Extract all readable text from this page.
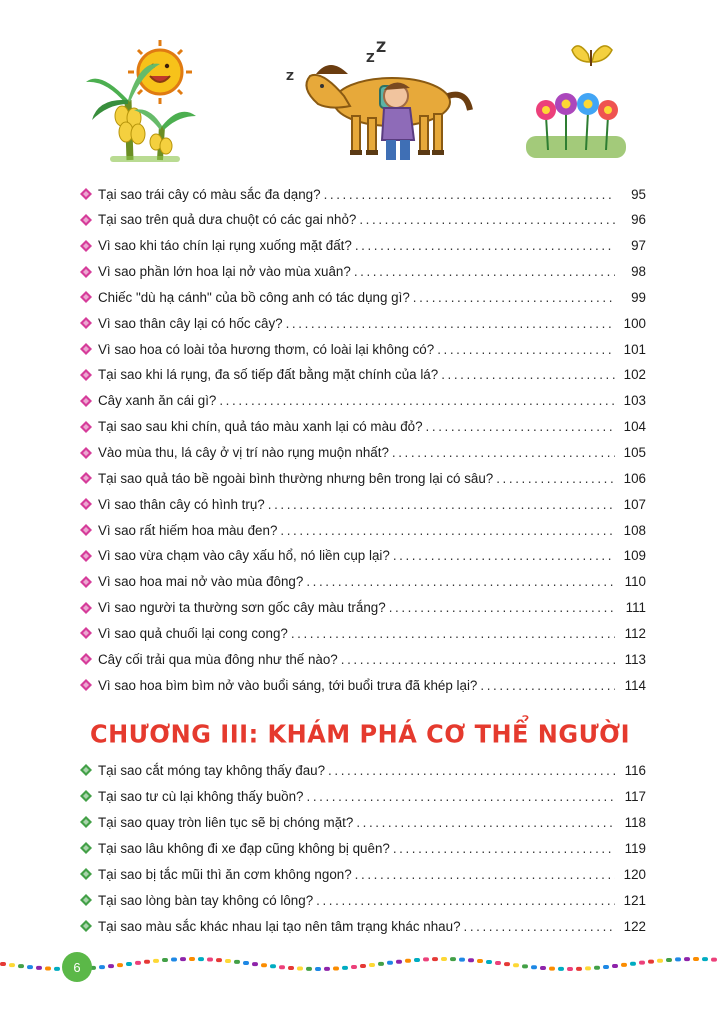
Z
Z
Z
Tại sao trái cây có màu sắc đa dạng? .....	95
Tại sao trên quả dưa chuột có các gai nhỏ? .....	96
Vì sao khi táo chín lại rụng xuống mặt đất? .....	97
Vì sao phần lớn hoa lại nở vào mùa xuân? .....	98
Chiếc "dù hạ cánh" của bồ công anh có tác dụng gì? .....	99
Vì sao thân cây lại có hốc cây? .....	100
Vì sao hoa có loài tỏa hương thơm, có loài lại không có? .....	101
Tại sao khi lá rụng, đa số tiếp đất bằng mặt chính của lá? .....	102
Cây xanh ăn cái gì? .....	103
Tại sao sau khi chín, quả táo màu xanh lại có màu đỏ? .....	104
Vào mùa thu, lá cây ở vị trí nào rụng muộn nhất? .....	105
Tại sao quả táo bề ngoài bình thường nhưng bên trong lại có sâu? .....	106
Vì sao thân cây có hình trụ? .....	107
Vì sao rất hiếm hoa màu đen? .....	108
Vì sao vừa chạm vào cây xấu hổ, nó liền cụp lại? .....	109
Vì sao hoa mai nở vào mùa đông? .....	110
Vì sao người ta thường sơn gốc cây màu trắng? .....	111
Vì sao quả chuối lại cong cong? .....	112
Cây cối trải qua mùa đông như thế nào? .....	113
Vì sao hoa bìm bìm nở vào buổi sáng, tới buổi trưa đã khép lại? .....	114
CHƯƠNG III: KHÁM PHÁ CƠ THỂ NGƯỜI
Tại sao cắt móng tay không thấy đau? .....	116
Tại sao tư cù lại không thấy buồn? .....	117
Tại sao quay tròn liên tục sẽ bị chóng mặt? .....	118
Tại sao lâu không đi xe đạp cũng không bị quên? .....	119
Tại sao bị tắc mũi thì ăn cơm không ngon? .....	120
Tại sao lòng bàn tay không có lông? .....	121
Tại sao màu sắc khác nhau lại tạo nên tâm trạng khác nhau? .....	122
6
